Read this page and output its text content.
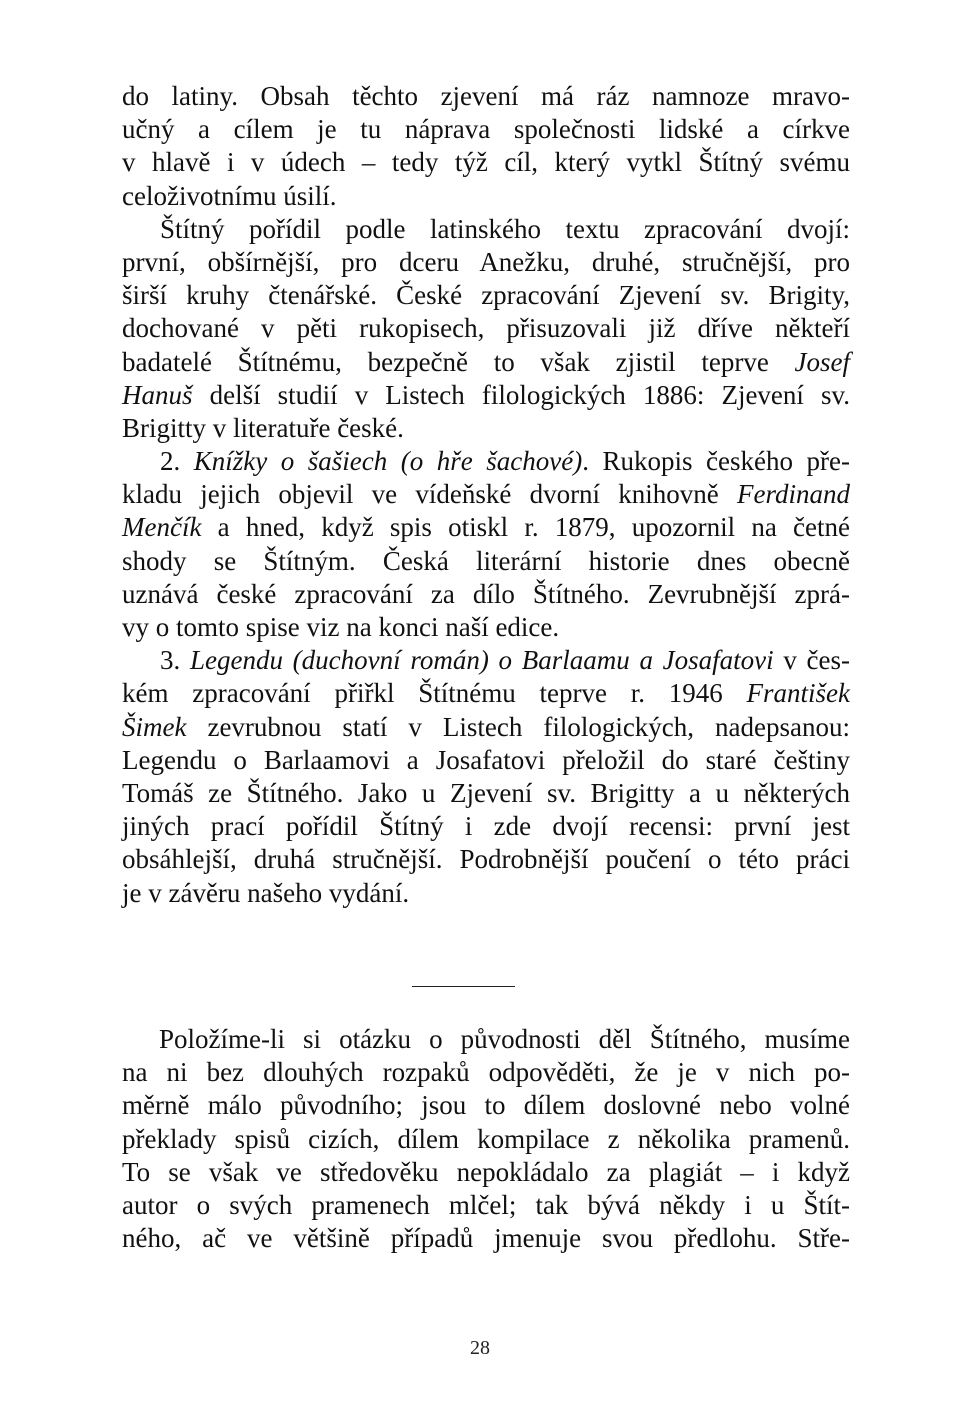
do latiny. Obsah těchto zjevení má ráz namnoze mravo-
učný a cílem je tu náprava společnosti lidské a církve
v hlavě i v údech – tedy týž cíl, který vytkl Štítný svému
celoživotnímu úsilí.
Štítný pořídil podle latinského textu zpracování dvojí:
první, obšírnější, pro dceru Anežku, druhé, stručnější, pro
širší kruhy čtenářské. České zpracování Zjevení sv. Brigity,
dochované v pěti rukopisech, přisuzovali již dříve někteří
badatelé Štítnému, bezpečně to však zjistil teprve Josef
Hanuš delší studií v Listech filologických 1886: Zjevení sv.
Brigitty v literatuře české.
2. Knížky o šašiech (o hře šachové). Rukopis českého pře-
kladu jejich objevil ve vídeňské dvorní knihovně Ferdinand
Menčík a hned, když spis otiskl r. 1879, upozornil na četné
shody se Štítným. Česká literární historie dnes obecně
uznává české zpracování za dílo Štítného. Zevrubnější zprá-
vy o tomto spise viz na konci naší edice.
3. Legendu (duchovní román) o Barlaamu a Josafatovi v čes-
kém zpracování přiřkl Štítnému teprve r. 1946 František
Šimek zevrubnou statí v Listech filologických, nadepsanou:
Legendu o Barlaamovi a Josafatovi přeložil do staré češtiny
Tomáš ze Štítného. Jako u Zjevení sv. Brigitty a u některých
jiných prací pořídil Štítný i zde dvojí recensi: první jest
obsáhlejší, druhá stručnější. Podrobnější poučení o této práci
je v závěru našeho vydání.
Položíme-li si otázku o původnosti děl Štítného, musíme
na ni bez dlouhých rozpaků odpověděti, že je v nich po-
měrně málo původního; jsou to dílem doslovné nebo volné
překlady spisů cizích, dílem kompilace z několika pramenů.
To se však ve středověku nepokládalo za plagiát – i když
autor o svých pramenech mlčel; tak bývá někdy i u Štít-
ného, ač ve většině případů jmenuje svou předlohu. Stře-
28
